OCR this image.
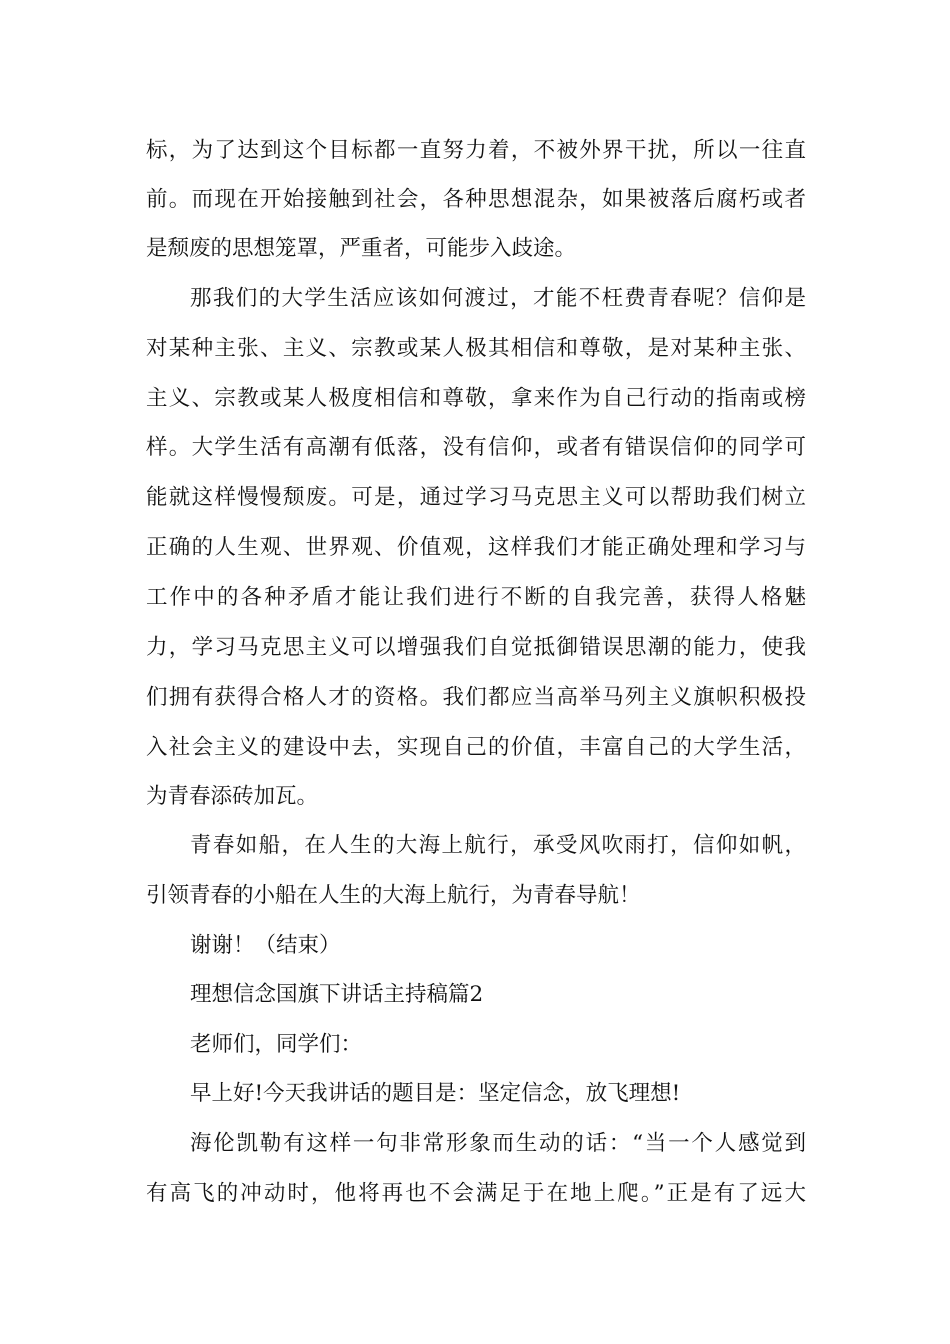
标，为了达到这个目标都一直努力着，不被外界干扰，所以一往直
前。而现在开始接触到社会，各种思想混杂，如果被落后腐朽或者
是颓废的思想笼罩，严重者，可能步入歧途。
那我们的大学生活应该如何渡过，才能不枉费青春呢？信仰是
对某种主张、主义、宗教或某人极其相信和尊敬，是对某种主张、
主义、宗教或某人极度相信和尊敬，拿来作为自己行动的指南或榜
样。大学生活有高潮有低落，没有信仰，或者有错误信仰的同学可
能就这样慢慢颓废。可是，通过学习马克思主义可以帮助我们树立
正确的人生观、世界观、价值观，这样我们才能正确处理和学习与
工作中的各种矛盾才能让我们进行不断的自我完善，获得人格魅
力，学习马克思主义可以增强我们自觉抵御错误思潮的能力，使我
们拥有获得合格人才的资格。我们都应当高举马列主义旗帜积极投
入社会主义的建设中去，实现自己的价值，丰富自己的大学生活，
为青春添砖加瓦。
青春如船，在人生的大海上航行，承受风吹雨打，信仰如帆，
引领青春的小船在人生的大海上航行，为青春导航！
谢谢！（结束）
理想信念国旗下讲话主持稿篇2
老师们，同学们：
早上好!今天我讲话的题目是：坚定信念，放飞理想!
海伦凯勒有这样一句非常形象而生动的话：“当一个人感觉到
有高飞的冲动时，他将再也不会满足于在地上爬。”正是有了远大
